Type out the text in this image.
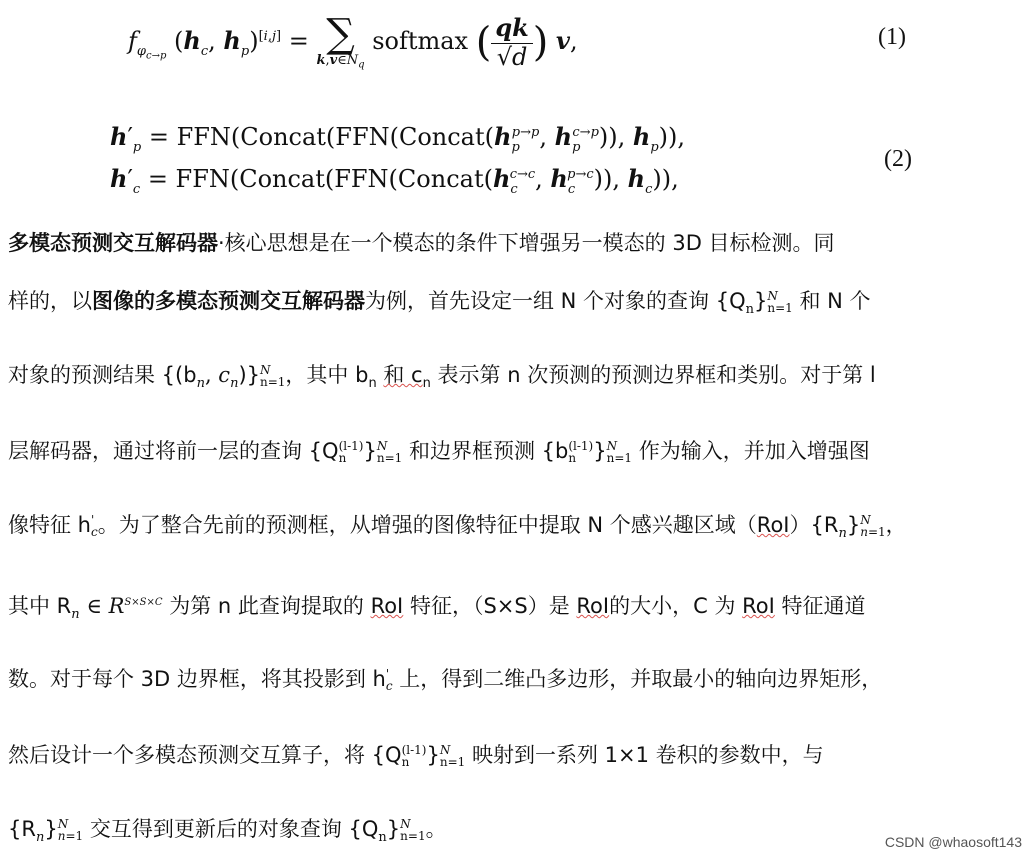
$f_{\varphi_{c\to p}}$ ($h_c$, $h_p)[i,j]$ = ∑
$k,v\in N_q$
softmax ( $\frac{qk}{√d}$ ) v,	(1)
$h'_p$ = $FFN(Concat(FFN(Concat(h_p^{p\to p}$, $h_p^{c\to p}$)), $h_p$)),
$h'_c$ = $FFN(Concat(FFN(Concat(h_c^{c\to c}$, $h_c^{p\to c}$)), $h_c$)),
(2)
多模态预测交互解码器·核心思想是在一个模态的条件下增强另一模态的 3D 目标检测。同
样的，以图像的多模态预测交互解码器为例，首先设定一组 N 个对象的查询 $\{Q_n\}N$
n=1 和 N 个
对象的预测结果 {($b_n$, $c_n)\}N$
n=1，其中 $b_n$ 和 $c_n$ 表示第 n 次预测的预测边界框和类别。对于第 l
层解码器，通过将前一层的查询 {Q(l-1)
n }N
n=1 和边界框预测 {b(l-1)
n }N
n=1 作为输入，并加入增强图
像特征 h'
c。为了整合先前的预测框，从增强的图像特征中提取 N 个感兴趣区域$(RoI)\{R_n\}N$
n=1，
其中 $R_n$ ∈ $R^{S\times S\times C}$ 为第 n 此查询提取的 RoI 特征，（S×S）是 RoI的大小，C 为 RoI 特征通道
数。对于每个 3D 边界框，将其投影到 h'
c 上，得到二维凸多边形，并取最小的轴向边界矩形，
然后设计一个多模态预测交互算子，将 {Q(l-1)
n }N
n=1 映射到一系列 1×1 卷积的参数中，与
$\{R_n\}N$
n=1 交互得到更新后的对象查询 $\{Q_n\}N$
n=1。
CSDN @whaosoft143
